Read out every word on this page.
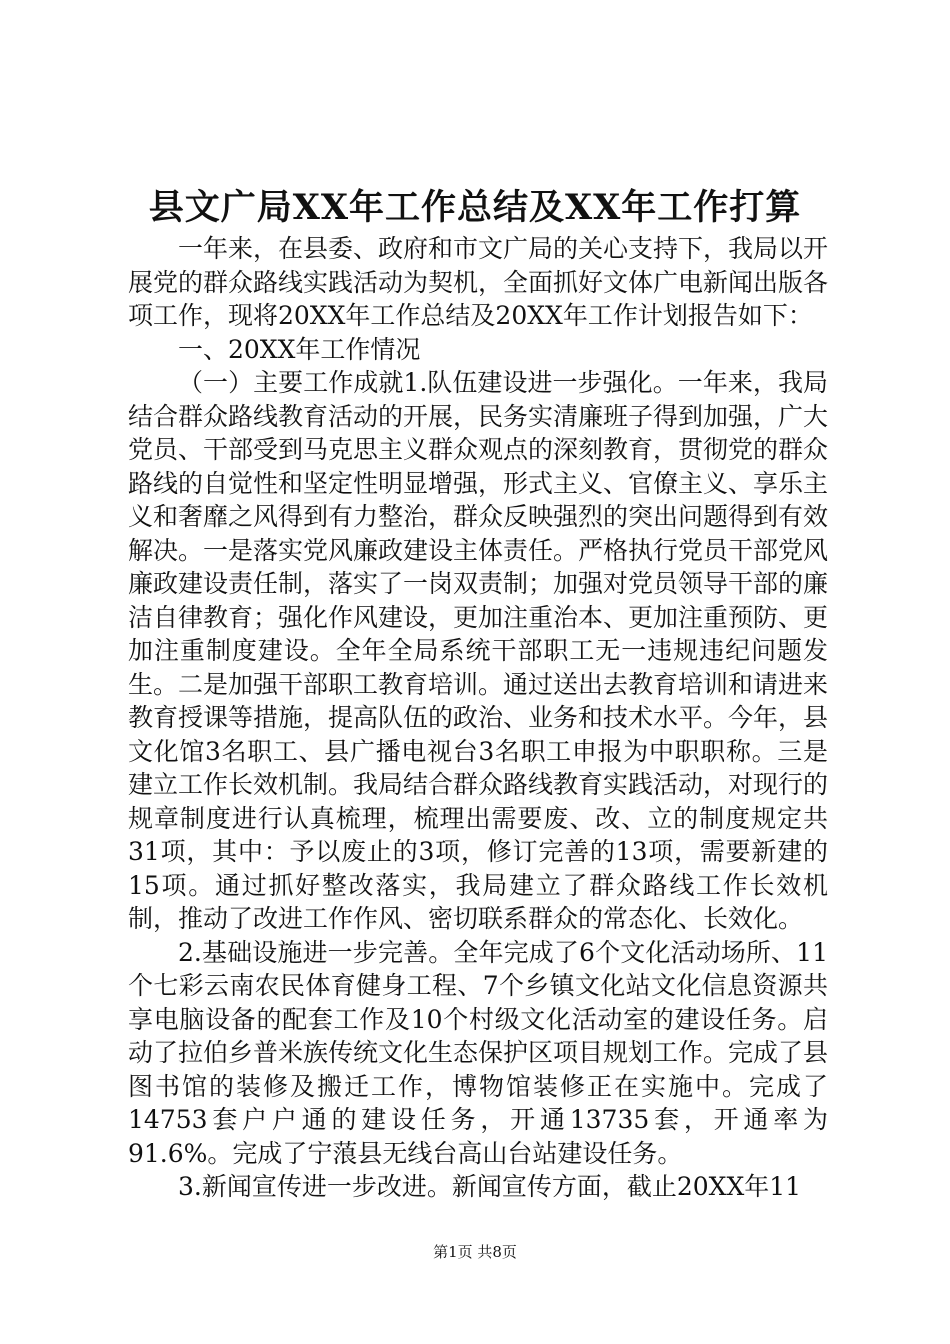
县文广局XX年工作总结及XX年工作打算

一年来，在县委、政府和市文广局的关心支持下，我局以开展党的群众路线实践活动为契机，全面抓好文体广电新闻出版各项工作，现将20XX年工作总结及20XX年工作计划报告如下：

一、20XX年工作情况

（一）主要工作成就1.队伍建设进一步强化。一年来，我局结合群众路线教育活动的开展，民务实清廉班子得到加强，广大党员、干部受到马克思主义群众观点的深刻教育，贯彻党的群众路线的自觉性和坚定性明显增强，形式主义、官僚主义、享乐主义和奢靡之风得到有力整治，群众反映强烈的突出问题得到有效解决。一是落实党风廉政建设主体责任。严格执行党员干部党风廉政建设责任制，落实了一岗双责制；加强对党员领导干部的廉洁自律教育；强化作风建设，更加注重治本、更加注重预防、更加注重制度建设。全年全局系统干部职工无一违规违纪问题发生。二是加强干部职工教育培训。通过送出去教育培训和请进来教育授课等措施，提高队伍的政治、业务和技术水平。今年，县文化馆3名职工、县广播电视台3名职工申报为中职职称。三是建立工作长效机制。我局结合群众路线教育实践活动，对现行的规章制度进行认真梳理，梳理出需要废、改、立的制度规定共31项，其中：予以废止的3项，修订完善的13项，需要新建的15项。通过抓好整改落实，我局建立了群众路线工作长效机制，推动了改进工作作风、密切联系群众的常态化、长效化。

2.基础设施进一步完善。全年完成了6个文化活动场所、11个七彩云南农民体育健身工程、7个乡镇文化站文化信息资源共享电脑设备的配套工作及10个村级文化活动室的建设任务。启动了拉伯乡普米族传统文化生态保护区项目规划工作。完成了县图书馆的装修及搬迁工作，博物馆装修正在实施中。完成了14753套户户通的建设任务，开通13735套，开通率为91.6%。完成了宁蒗县无线台高山台站建设任务。

3.新闻宣传进一步改进。新闻宣传方面，截止20XX年11

第1页 共8页
